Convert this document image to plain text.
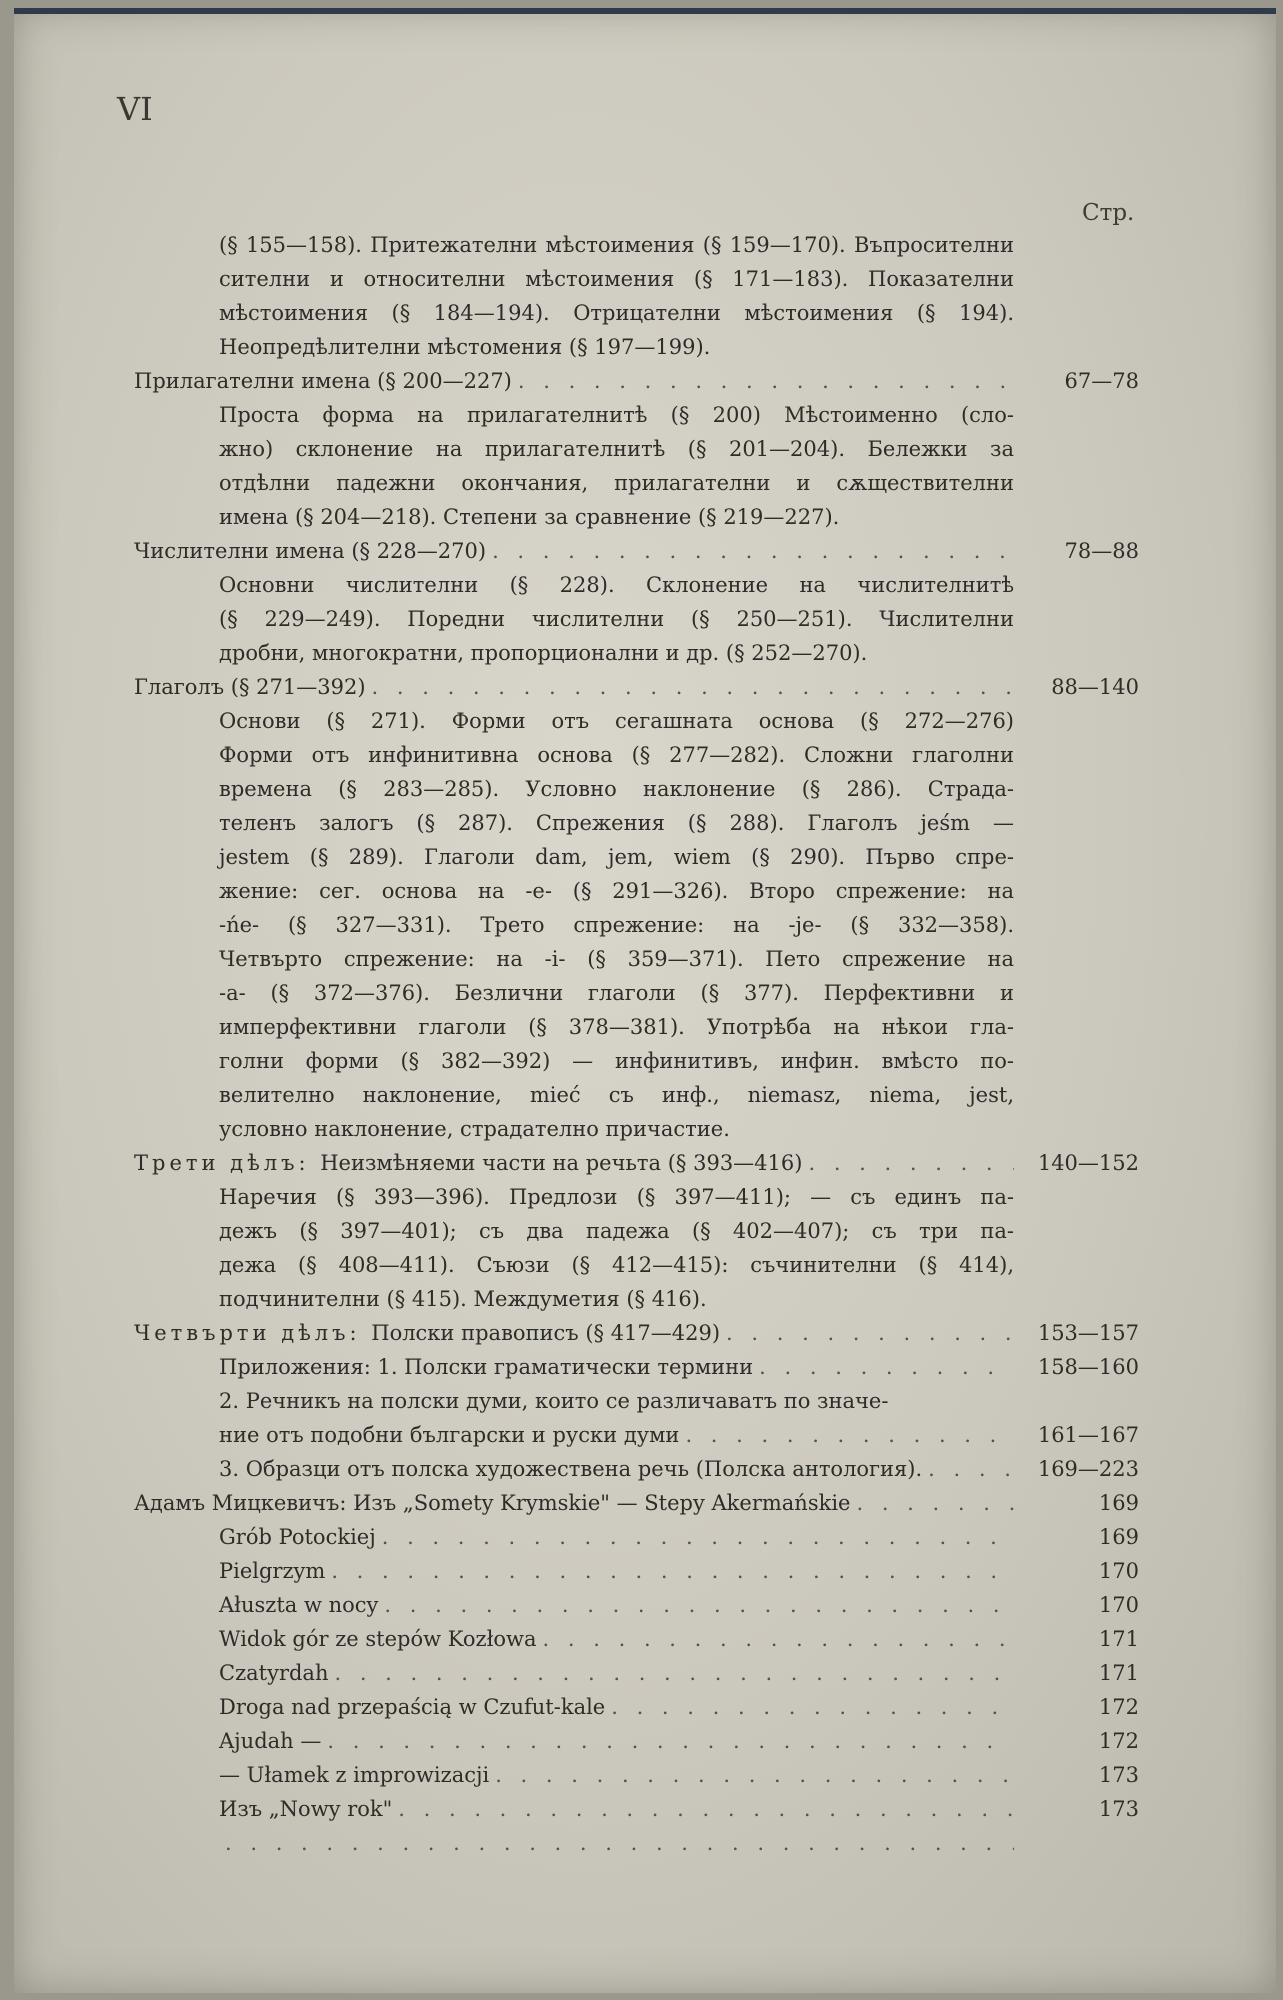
VI
Стр.
(§ 155—158). Притежателни мѣстоимения (§ 159—170). Въпросителни
сителни и относителни мѣстоимения (§ 171—183). Показателни
мѣстоимения (§ 184—194). Отрицателни мѣстоимения (§ 194).
Неопредѣлителни мѣстомения (§ 197—199).
Прилагателни имена (§ 200—227) . . .	67—78
Проста форма на прилагателнитѣ (§ 200) Мѣстоименно (сло-
жно) склонение на прилагателнитѣ (§ 201—204). Бележки за
отдѣлни падежни окончания, прилагателни и сѫществителни
имена (§ 204—218). Степени за сравнение (§ 219—227).
Числителни имена (§ 228—270) . . .	78—88
Основни числителни (§ 228). Склонение на числителнитѣ
(§ 229—249). Поредни числителни (§ 250—251). Числителни
дробни, многократни, пропорционални и др. (§ 252—270).
Глаголъ (§ 271—392) . . .	88—140
Основи (§ 271). Форми отъ сегашната основа (§ 272—276)
Форми отъ инфинитивна основа (§ 277—282). Сложни глаголни
времена (§ 283—285). Условно наклонение (§ 286). Страда-
теленъ залогъ (§ 287). Спрежения (§ 288). Глаголъ jeśm —
jestem (§ 289). Глаголи dam, jem, wiem (§ 290). Първо спре-
жение: сег. основа на -e- (§ 291—326). Второ спрежение: на
-ńe- (§ 327—331). Трето спрежение: на -je- (§ 332—358).
Четвърто спрежение: на -i- (§ 359—371). Пето спрежение на
-a- (§ 372—376). Безлични глаголи (§ 377). Перфективни и
имперфективни глаголи (§ 378—381). Употрѣба на нѣкои гла-
голни форми (§ 382—392) — инфинитивъ, инфин. вмѣсто по-
велително наклонение, mieć съ инф., niemasz, niema, jest,
условно наклонение, страдателно причастие.
Трети дѣлъ: Неизмѣняеми части на речьта (§ 393—416) . . .	140—152
Наречия (§ 393—396). Предлози (§ 397—411); — съ единъ па-
дежъ (§ 397—401); съ два падежа (§ 402—407); съ три па-
дежа (§ 408—411). Съюзи (§ 412—415): съчинителни (§ 414),
подчинителни (§ 415). Междуметия (§ 416).
Четвърти дѣлъ: Полски правописъ (§ 417—429) . . .	153—157
Приложения: 1. Полски граматически термини . . .	158—160
2. Речникъ на полски думи, които се различаватъ по значе-
ние отъ подобни български и руски думи . . .	161—167
3. Образци отъ полска художествена речь (Полска антология). . . .	169—223
Адамъ Мицкевичъ: Изъ „Somety Krymskie" — Stepy Akermańskie . . .	169
Grób Potockiej . . .	169
Pielgrzym . . .	170
Ałuszta w nocy . . .	170
Widok gór ze stepów Kozłowa . . .	171
Czatyrdah . . .	171
Droga nad przepaścią w Czufut-kale . . .	172
Ajudah — . . .	172
— Ułamek z improwizacji . . .	173
Изъ „Nowy rok" . . .	173
. . .
